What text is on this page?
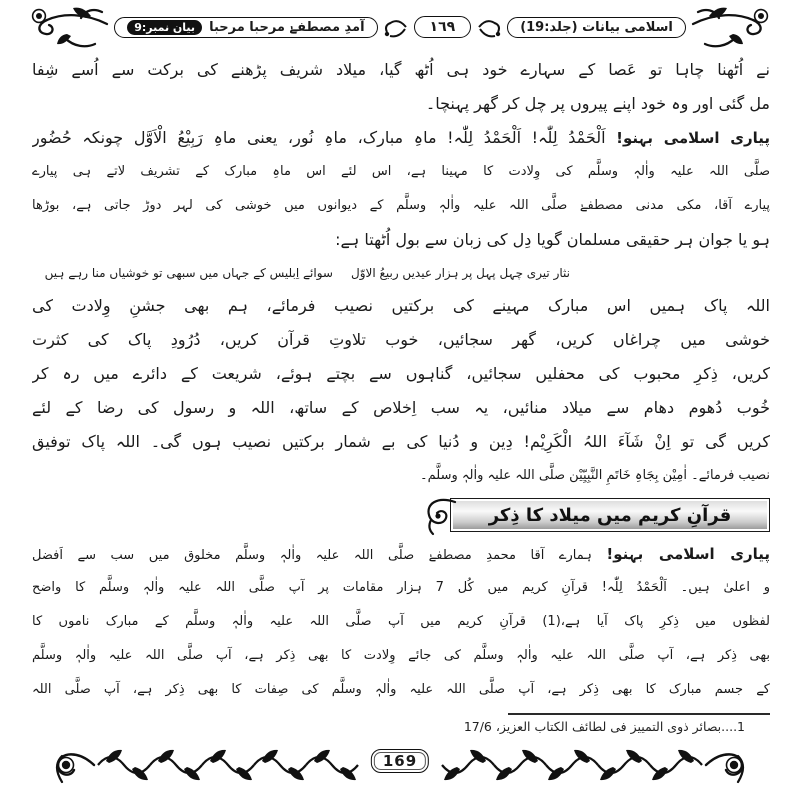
اسلامی بیانات (جلد:19)
١٦٩
آمدِ مصطفےٰ مرحبا مرحبا
بیان نمبر:9
نے اُٹھنا چاہا تو عَصا کے سہارے خود ہی اُٹھ گیا، میلاد شریف پڑھنے کی برکت سے اُسے شِفا
مل گئی اور وہ خود اپنے پیروں پر چل کر گھر پہنچا۔
پیاری اسلامی بہنو! اَلْحَمْدُ لِلّٰہ! اَلْحَمْدُ لِلّٰہ! ماہِ مبارک، ماہِ نُور، یعنی ماہِ رَبِیْعُ الْاَوَّل چونکہ حُضُور
صلَّی اللہ علیہ واٰلہٖ وسلَّم کی وِلادت کا مہینا ہے، اس لئے اس ماہِ مبارک کے تشریف لاتے ہی پیارے
پیارے آقا، مکی مدنی مصطفےٰ صلَّی اللہ علیہ واٰلہٖ وسلَّم کے دیوانوں میں خوشی کی لہر دوڑ جاتی ہے، بوڑھا
ہو یا جوان ہر حقیقی مسلمان گویا دِل کی زبان سے بول اُٹھتا ہے:
نثار تیری چہل پہل پر ہزار عیدیں ربیعُ الاوّل
سوائے اِبلیس کے جہاں میں سبھی تو خوشیاں منا رہے ہیں
اللہ پاک ہمیں اس مبارک مہینے کی برکتیں نصیب فرمائے، ہم بھی جشنِ وِلادت کی
خوشی میں چراغاں کریں، گھر سجائیں، خوب تلاوتِ قرآن کریں، دُرُودِ پاک کی کثرت
کریں، ذِکرِ محبوب کی محفلیں سجائیں، گناہوں سے بچتے ہوئے، شریعت کے دائرے میں رہ کر
خُوب دُھوم دھام سے میلاد منائیں، یہ سب اِخلاص کے ساتھ، اللہ و رسول کی رضا کے لئے
کریں گی تو اِنْ شَآءَ اللہُ الْکَرِیْم! دِین و دُنیا کی بے شمار برکتیں نصیب ہوں گی۔ اللہ پاک توفیق
نصیب فرمائے۔ اٰمِیْن بِجَاہِ خَاتَمِ النَّبِیِّیْن صلَّی اللہ علیہ واٰلہٖ وسلَّم۔
قرآنِ کریم میں میلاد کا ذِکر
پیاری اسلامی بہنو! ہمارے آقا محمدِ مصطفےٰ صلَّی اللہ علیہ واٰلہٖ وسلَّم مخلوق میں سب سے اَفضل
و اعلیٰ ہیں۔ اَلْحَمْدُ لِلّٰہ! قرآنِ کریم میں کُل 7 ہزار مقامات پر آپ صلَّی اللہ علیہ واٰلہٖ وسلَّم کا واضح
لفظوں میں ذِکرِ پاک آیا ہے،(1) قرآنِ کریم میں آپ صلَّی اللہ علیہ واٰلہٖ وسلَّم کے مبارک ناموں کا
بھی ذِکر ہے، آپ صلَّی اللہ علیہ واٰلہٖ وسلَّم کی جائے وِلادت کا بھی ذِکر ہے، آپ صلَّی اللہ علیہ واٰلہٖ وسلَّم
کے جسم مبارک کا بھی ذِکر ہے، آپ صلَّی اللہ علیہ واٰلہٖ وسلَّم کی صِفات کا بھی ذِکر ہے، آپ صلَّی اللہ
1....بصائر ذوی التمییز فی لطائف الکتاب العزیز، 17/6
169
